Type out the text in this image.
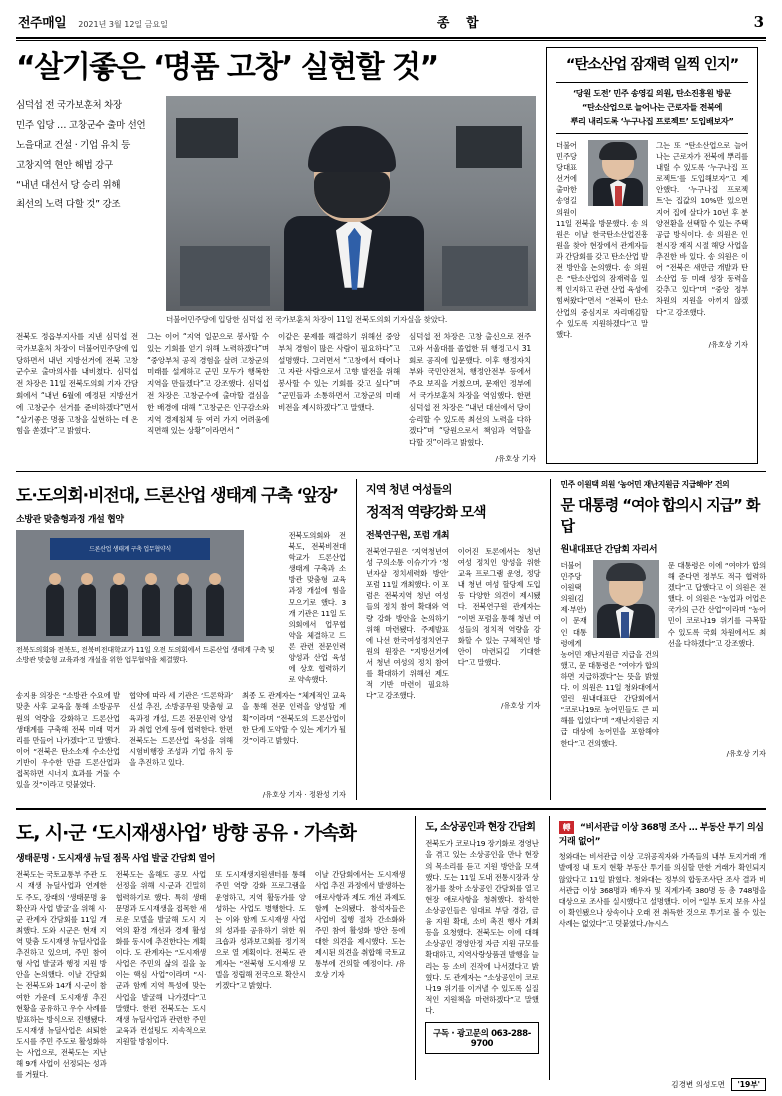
전주매일 2021년 3월 12일 금요일	종 합	3
“살기좋은 ‘명품 고창’ 실현할 것”
심덕섭 전 국가보훈처 차장
민주 입당 … 고창군수 출마 선언
노을대교 건설 · 기업 유치 등
고창지역 현안 해법 강구
“내년 대선서 당 승리 위해
최선의 노력 다할 것” 강조
더불어민주당에 입당한 심덕섭 전 국가보훈처 차장이 11일 전북도의회 기자실을 찾았다.
전북도 정읍부지사를 지낸 심덕섭 전 국가보훈처 차장이 더불어민주당에 입당하면서 내년 지방선거에 전북 고창군수로 출마의사를 내비쳤다. 심덕섭 전 차장은 11일 전북도의회 기자 간담회에서 “내년 6월에 예정된 지방선거에 고창군수 선거를 준비하겠다”면서 “살기좋은 명품 고창을 실현하는 데 온 힘을 쏟겠다”고 밝혔다.
그는 이어 “지역 일꾼으로 봉사할 수 있는 기회를 얻기 위해 노력하겠다”며 “중앙부처 공직 경험을 살려 고창군의 미래를 설계하고 군민 모두가 행복한 지역을 만들겠다”고 강조했다. 심덕섭 전 차장은 고창군수에 출마할 결심을 한 배경에 대해 “고창군은 인구감소와 지역 경제침체 등 여러 가지 어려움에 직면해 있는 상황”이라면서 “
이같은 문제를 해결하기 위해선 중앙부처 경험이 많은 사람이 필요하다”고 설명했다. 그러면서 “고창에서 태어나고 자란 사람으로서 고향 발전을 위해 봉사할 수 있는 기회를 갖고 싶다”며 “군민들과 소통하면서 고창군의 미래 비전을 제시하겠다”고 말했다.
심덕섭 전 차장은 고창 출신으로 전주고와 서울대를 졸업한 뒤 행정고시 31회로 공직에 입문했다. 이후 행정자치부와 국민안전처, 행정안전부 등에서 주요 보직을 거쳤으며, 문재인 정부에서 국가보훈처 차장을 역임했다. 한편 심덕섭 전 차장은 “내년 대선에서 당이 승리할 수 있도록 최선의 노력을 다하겠다”며 “당원으로서 책임과 역할을 다할 것”이라고 밝혔다.
/유호상 기자
“탄소산업 잠재력 일찍 인지”
‘당원 도전’ 민주 송영길 의원, 탄소진흥원 방문
“탄소산업으로 늘어나는 근로자들 전북에
뿌리 내리도록 ‘누구나집 프로젝트’ 도입배보자”
더불어민주당 당대표 선거에 출마한 송영길 의원이 11일 전북을 방문했다. 송 의원은 이날 한국탄소산업진흥원을 찾아 현장에서 관계자들과 간담회를 갖고 탄소산업 발전 방안을 논의했다. 송 의원은 “탄소산업의 잠재력을 일찍 인지하고 관련 산업 육성에 힘써왔다”면서 “전북이 탄소산업의 중심지로 자리매김할 수 있도록 지원하겠다”고 말했다.
그는 또 “탄소산업으로 늘어나는 근로자가 전북에 뿌리를 내릴 수 있도록 ‘누구나집 프로젝트’를 도입해보자”고 제안했다. ‘누구나집 프로젝트’는 집값의 10%만 있으면 지어 집에 살다가 10년 후 분양전환을 선택할 수 있는 주택 공급 방식이다. 송 의원은 인천시장 재직 시절 해당 사업을 추진한 바 있다. 송 의원은 이어 “전북은 새만금 개발과 탄소산업 등 미래 성장 동력을 갖추고 있다”며 “중앙 정부 차원의 지원을 아끼지 않겠다”고 강조했다.
/유호상 기자
도·도의회·비전대, 드론산업 생태계 구축 ‘앞장’
소방관 맞춤형과정 개설 협약
드론산업 생태계 구축 업무협약식
전북도의회와 전북도, 전북비전대학교가 11일 오전 도의회에서 드론산업 생태계 구축 및 소방관 맞춤형 교육과정 개설을 위한 업무협약을 체결했다.
전북도의회와 전북도, 전북비전대학교가 드론산업 생태계 구축과 소방관 맞춤형 교육과정 개설에 힘을 모으기로 했다. 3개 기관은 11일 도의회에서 업무협약을 체결하고 드론 관련 전문인력 양성과 산업 육성에 상호 협력하기로 약속했다.
송지용 의장은 “소방관 수요에 발맞춘 사후 교육을 통해 소방공무원의 역량을 강화하고 드론산업 생태계를 구축해 전북 미래 먹거리를 만들어 나가겠다”고 말했다. 이어 “전북은 탄소소재 수소산업 기반이 우수한 만큼 드론산업과 접목하면 시너지 효과를 거둘 수 있을 것”이라고 덧붙였다.
협약에 따라 세 기관은 ‘드론학과’ 신설 추진, 소방공무원 맞춤형 교육과정 개설, 드론 전문인력 양성과 취업 연계 등에 협력한다. 한편 전북도는 드론산업 육성을 위해 시험비행장 조성과 기업 유치 등을 추진하고 있다.
최종 도 관계자는 “체계적인 교육을 통해 전문 인력을 양성할 계획”이라며 “전북도의 드론산업이 한 단계 도약할 수 있는 계기가 될 것”이라고 밝혔다.
/유호상 기자 · 정완성 기자
지역 청년 여성들의
정적적 역량강화 모색
전북연구원, 포럼 개최
전북연구원은 ‘지역청년여성 구의소통 이슈기’가 ‘청년자살 정치세력화 방안’ 포럼 11일 개최했다. 이 포럼은 전북지역 청년 여성들의 정치 참여 확대와 역량 강화 방안을 논의하기 위해 마련됐다. 주제발표에 나선 한국여성정치연구원의 원장은 “지방선거에서 청년 여성의 정치 참여를 확대하기 위해선 제도적 기반 마련이 필요하다”고 강조했다.
이어진 토론에서는 청년 여성 정치인 양성을 위한 교육 프로그램 운영, 정당 내 청년 여성 할당제 도입 등 다양한 의견이 제시됐다. 전북연구원 관계자는 “이번 포럼을 통해 청년 여성들의 정치적 역량을 강화할 수 있는 구체적인 방안이 마련되길 기대한다”고 말했다.
/유호상 기자
민주 이원택 의원 ‘농어민 재난지원금 지급해야’ 건의
문 대통령 “여야 합의시 지급” 화답
원내대표단 간담회 자리서
더불어민주당 이원택 의원(김제·부안)이 문재인 대통령에게 농어민 재난지원금 지급을 건의했고, 문 대통령은 “여야가 합의하면 지급하겠다”는 뜻을 밝혔다. 이 의원은 11일 청와대에서 열린 원내대표단 간담회에서 “코로나19로 농어민들도 큰 피해를 입었다”며 “재난지원금 지급 대상에 농어민을 포함해야 한다”고 건의했다.
문 대통령은 이에 “여야가 합의해 준다면 정부도 적극 협력하겠다”고 답했다고 이 의원은 전했다. 이 의원은 “농업과 어업은 국가의 근간 산업”이라며 “농어민이 코로나19 위기를 극복할 수 있도록 국회 차원에서도 최선을 다하겠다”고 강조했다.
/유호상 기자
도, 시·군 ‘도시재생사업’ 방향 공유 · 가속화
생태문명 · 도시재생 뉴딜 점목 사업 발굴 간담회 열어
전북도는 국토교통부 주관 도시 재생 뉴딜사업과 연계한 도 주도, 장래의 ‘생태문명 융 확산과 사업 발굴’을 위해 시·군 관계자 간담회를 11일 개최했다. 도와 시군은 현재 지역 맞춤 도시재생 뉴딜사업을 추진하고 있으며, 주민 참여형 사업 발굴과 행정 지원 방안을 논의했다. 이날 간담회는 전북도와 14개 시·군이 참여한 가운데 도시재생 추진 현황을 공유하고 우수 사례를 발표하는 방식으로 진행됐다. 도시재생 뉴딜사업은 쇠퇴한 도시를 주민 주도로 활성화하는 사업으로, 전북도는 지난해 9개 사업이 선정되는 성과를 거뒀다.
전북도는 올해도 공모 사업 선정을 위해 시·군과 긴밀히 협력하기로 했다. 특히 생태문명과 도시재생을 접목한 새로운 모델을 발굴해 도시 지역의 환경 개선과 경제 활성화를 동시에 추진한다는 계획이다. 도 관계자는 “도시재생 사업은 주민의 삶의 질을 높이는 핵심 사업”이라며 “시·군과 함께 지역 특성에 맞는 사업을 발굴해 나가겠다”고 말했다. 한편 전북도는 도시재생 뉴딜사업과 관련한 주민 교육과 컨설팅도 지속적으로 지원할 방침이다.
또 도시재생지원센터를 통해 주민 역량 강화 프로그램을 운영하고, 지역 활동가를 양성하는 사업도 병행한다. 도는 이와 함께 도시재생 사업의 성과를 공유하기 위한 워크숍과 성과보고회를 정기적으로 열 계획이다. 전북도 관계자는 “전북형 도시재생 모델을 정립해 전국으로 확산시키겠다”고 밝혔다.
이날 간담회에서는 도시재생 사업 추진 과정에서 발생하는 애로사항과 제도 개선 과제도 함께 논의됐다. 참석자들은 사업비 집행 절차 간소화와 주민 참여 활성화 방안 등에 대한 의견을 제시했다. 도는 제시된 의견을 취합해 국토교통부에 건의할 예정이다. /유호상 기자
도, 소상공인과 현장 간담회
전북도가 코로나19 장기화로 경영난을 겪고 있는 소상공인을 만나 현장의 목소리를 듣고 지원 방안을 모색했다. 도는 11일 도내 전통시장과 상점가를 찾아 소상공인 간담회를 열고 현장 애로사항을 청취했다. 참석한 소상공인들은 임대료 부담 경감, 금융 지원 확대, 소비 촉진 행사 개최 등을 요청했다. 전북도는 이에 대해 소상공인 경영안정 자금 지원 규모를 확대하고, 지역사랑상품권 발행을 늘리는 등 소비 진작에 나서겠다고 밝혔다. 도 관계자는 “소상공인이 코로나19 위기를 이겨낼 수 있도록 실질적인 지원책을 마련하겠다”고 말했다.
구독 · 광고문의 063-288-9700
轉 “비서관급 이상 368명 조사 … 부동산 투기 의심 거래 없어”
청와대는 비서관급 이상 고위공직자와 가족들의 내부 토지거래 개발예정 내 토지 현황 부동산 투기를 의심할 만한 거래가 확인되지 않았다고 11일 밝혔다. 청와대는 정부의 합동조사단 조사 결과 비서관급 이상 368명과 배우자 및 직계가족 380명 등 총 748명을 대상으로 조사를 실시했다고 설명했다. 이어 “일부 토지 보유 사실이 확인됐으나 상속이나 오래 전 취득한 것으로 투기로 볼 수 있는 사례는 없었다”고 덧붙였다./뉴시스
김경변 의성도면 '19부'
